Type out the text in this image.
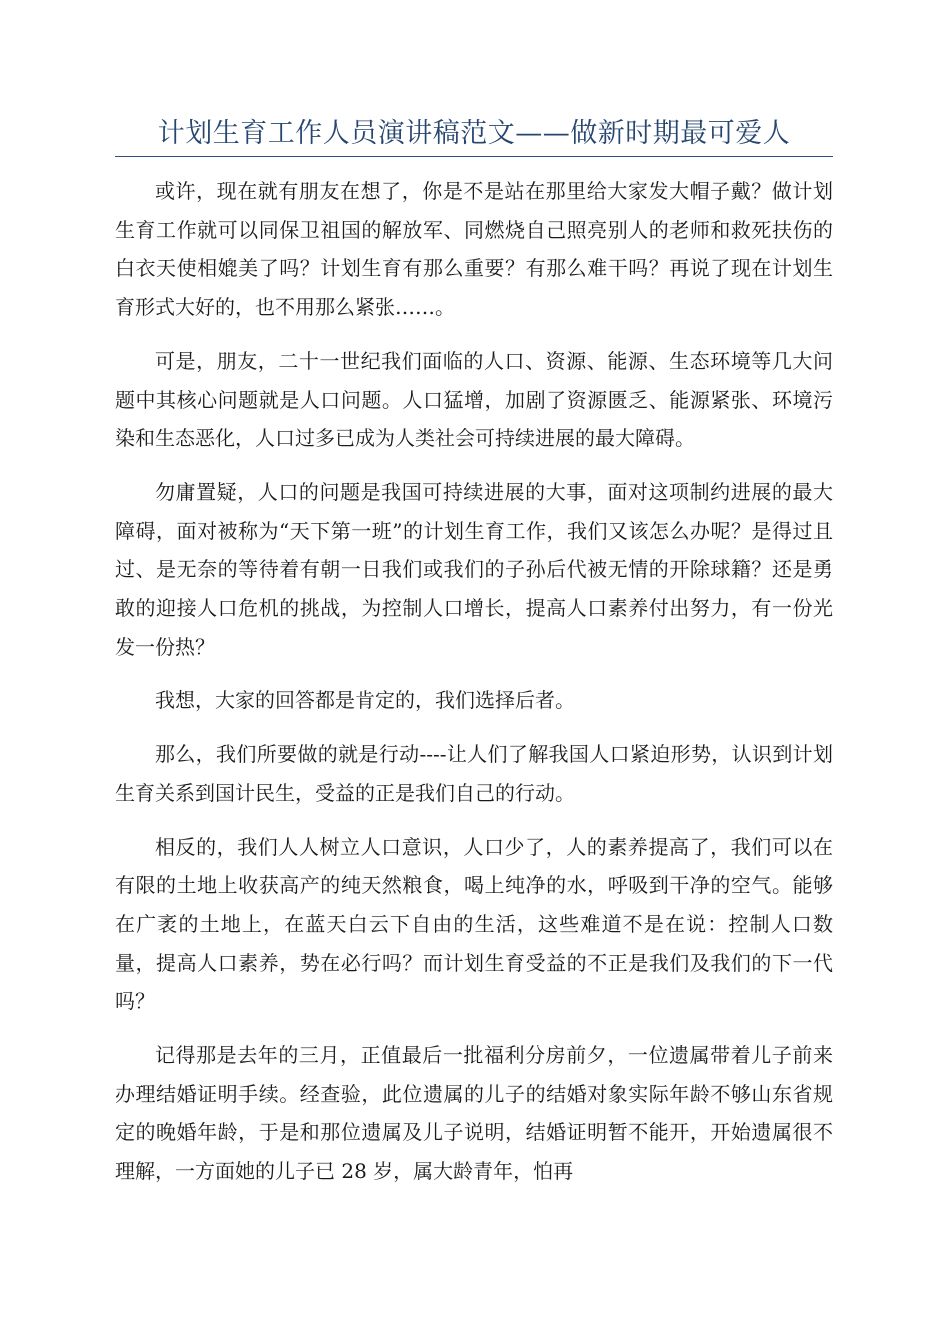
计划生育工作人员演讲稿范文——做新时期最可爱人

或许，现在就有朋友在想了，你是不是站在那里给大家发大帽子戴？做计划生育工作就可以同保卫祖国的解放军、同燃烧自己照亮别人的老师和救死扶伤的白衣天使相媲美了吗？计划生育有那么重要？有那么难干吗？再说了现在计划生育形式大好的，也不用那么紧张……。

可是，朋友，二十一世纪我们面临的人口、资源、能源、生态环境等几大问题中其核心问题就是人口问题。人口猛增，加剧了资源匮乏、能源紧张、环境污染和生态恶化，人口过多已成为人类社会可持续进展的最大障碍。

勿庸置疑，人口的问题是我国可持续进展的大事，面对这项制约进展的最大障碍，面对被称为“天下第一班”的计划生育工作，我们又该怎么办呢？是得过且过、是无奈的等待着有朝一日我们或我们的子孙后代被无情的开除球籍？还是勇敢的迎接人口危机的挑战，为控制人口增长，提高人口素养付出努力，有一份光发一份热？

我想，大家的回答都是肯定的，我们选择后者。

那么，我们所要做的就是行动----让人们了解我国人口紧迫形势，认识到计划生育关系到国计民生，受益的正是我们自己的行动。

相反的，我们人人树立人口意识，人口少了，人的素养提高了，我们可以在有限的土地上收获高产的纯天然粮食，喝上纯净的水，呼吸到干净的空气。能够在广袤的土地上，在蓝天白云下自由的生活，这些难道不是在说：控制人口数量，提高人口素养，势在必行吗？而计划生育受益的不正是我们及我们的下一代吗？

记得那是去年的三月，正值最后一批福利分房前夕，一位遗属带着儿子前来办理结婚证明手续。经查验，此位遗属的儿子的结婚对象实际年龄不够山东省规定的晚婚年龄，于是和那位遗属及儿子说明，结婚证明暂不能开，开始遗属很不理解，一方面她的儿子已 28 岁，属大龄青年，怕再
